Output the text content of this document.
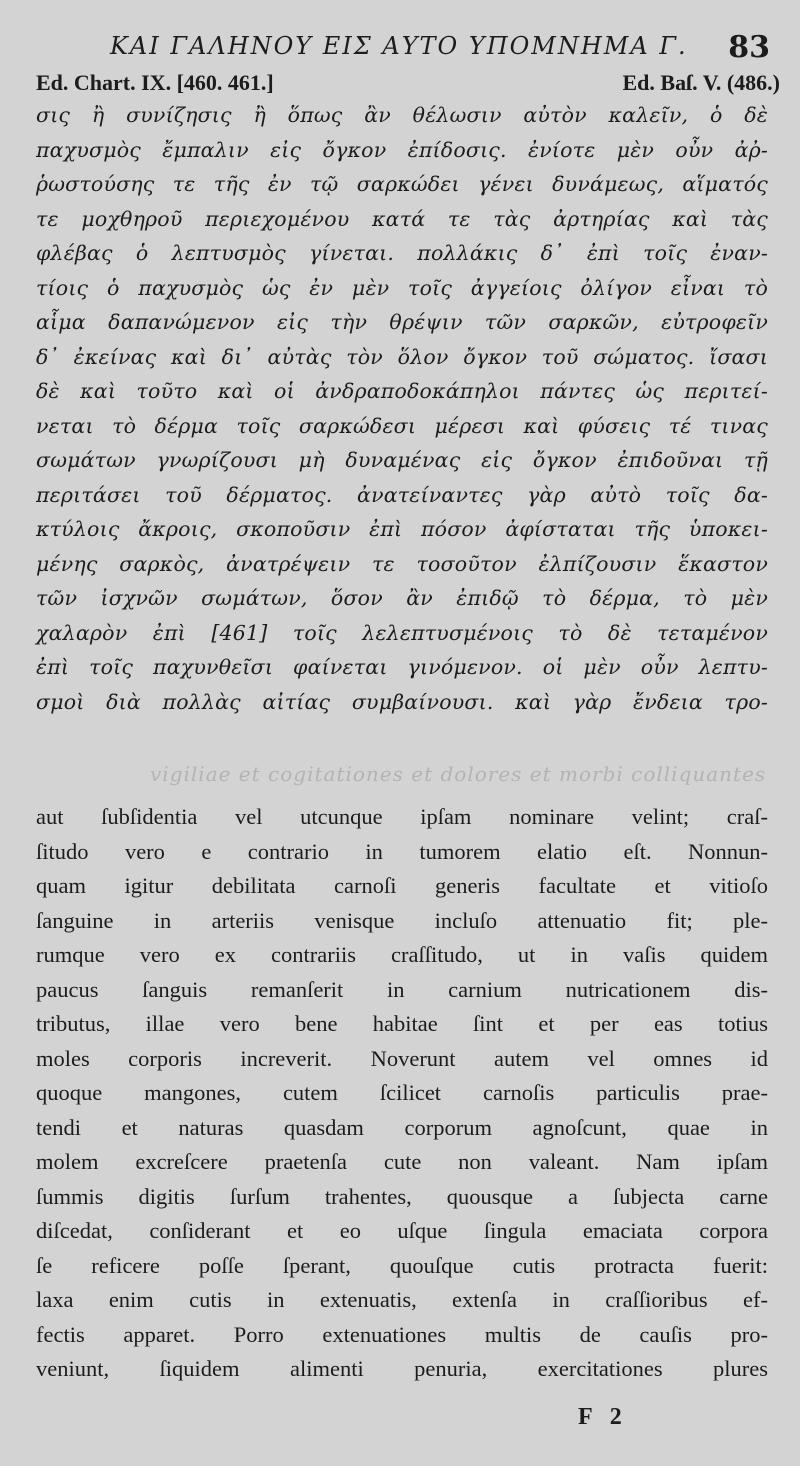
ΚΑΙ ΓΑΛΗΝΟΥ ΕΙΣ ΑΥΤΟ ΥΠΟΜΝΗΜΑ Γ. 83
Ed. Chart. IX. [460. 461.]	Ed. Baſ. V. (486.)
σις ἢ συνίζησις ἢ ὅπως ἂν θέλωσιν αὐτὸν καλεῖν, ὁ δὲ
παχυσμὸς ἔμπαλιν εἰς ὄγκον ἐπίδοσις. ἐνίοτε μὲν οὖν ἀῤ-
ῥωστούσης τε τῆς ἐν τῷ σαρκώδει γένει δυνάμεως, αἵματός
τε μοχθηροῦ περιεχομένου κατά τε τὰς ἀρτηρίας καὶ τὰς
φλέβας ὁ λεπτυσμὸς γίνεται. πολλάκις δ᾽ ἐπὶ τοῖς ἐναν-
τίοις ὁ παχυσμὸς ὡς ἐν μὲν τοῖς ἀγγείοις ὀλίγον εἶναι τὸ
αἷμα δαπανώμενον εἰς τὴν θρέψιν τῶν σαρκῶν, εὐτροφεῖν
δ᾽ ἐκείνας καὶ δι᾽ αὐτὰς τὸν ὅλον ὄγκον τοῦ σώματος. ἴσασι
δὲ καὶ τοῦτο καὶ οἱ ἀνδραποδοκάπηλοι πάντες ὡς περιτεί-
νεται τὸ δέρμα τοῖς σαρκώδεσι μέρεσι καὶ φύσεις τέ τινας
σωμάτων γνωρίζουσι μὴ δυναμένας εἰς ὄγκον ἐπιδοῦναι τῇ
περιτάσει τοῦ δέρματος. ἀνατείναντες γὰρ αὐτὸ τοῖς δα-
κτύλοις ἄκροις, σκοποῦσιν ἐπὶ πόσον ἀφίσταται τῆς ὑποκει-
μένης σαρκὸς, ἀνατρέψειν τε τοσοῦτον ἐλπίζουσιν ἕκαστον
τῶν ἰσχνῶν σωμάτων, ὅσον ἂν ἐπιδῷ τὸ δέρμα, τὸ μὲν
χαλαρὸν ἐπὶ [461] τοῖς λελεπτυσμένοις τὸ δὲ τεταμένον
ἐπὶ τοῖς παχυνθεῖσι φαίνεται γινόμενον. οἱ μὲν οὖν λεπτυ-
σμοὶ διὰ πολλὰς αἰτίας συμβαίνουσι. καὶ γὰρ ἔνδεια τρο-
vigiliae et cogitationes et dolores et morbi colliquantes
aut ſubſidentia vel utcunque ipſam nominare velint; craſ-
ſitudo vero e contrario in tumorem elatio eſt. Nonnun-
quam igitur debilitata carnoſi generis facultate et vitioſo
ſanguine in arteriis venisque incluſo attenuatio fit; ple-
rumque vero ex contrariis craſſitudo, ut in vaſis quidem
paucus ſanguis remanſerit in carnium nutricationem dis-
tributus, illae vero bene habitae ſint et per eas totius
moles corporis increverit. Noverunt autem vel omnes id
quoque mangones, cutem ſcilicet carnoſis particulis prae-
tendi et naturas quasdam corporum agnoſcunt, quae in
molem excreſcere praetenſa cute non valeant. Nam ipſam
ſummis digitis ſurſum trahentes, quousque a ſubjecta carne
diſcedat, conſiderant et eo uſque ſingula emaciata corpora
ſe reficere poſſe ſperant, quouſque cutis protracta fuerit:
laxa enim cutis in extenuatis, extenſa in craſſioribus ef-
fectis apparet. Porro extenuationes multis de cauſis pro-
veniunt, ſiquidem alimenti penuria, exercitationes plures
F 2
